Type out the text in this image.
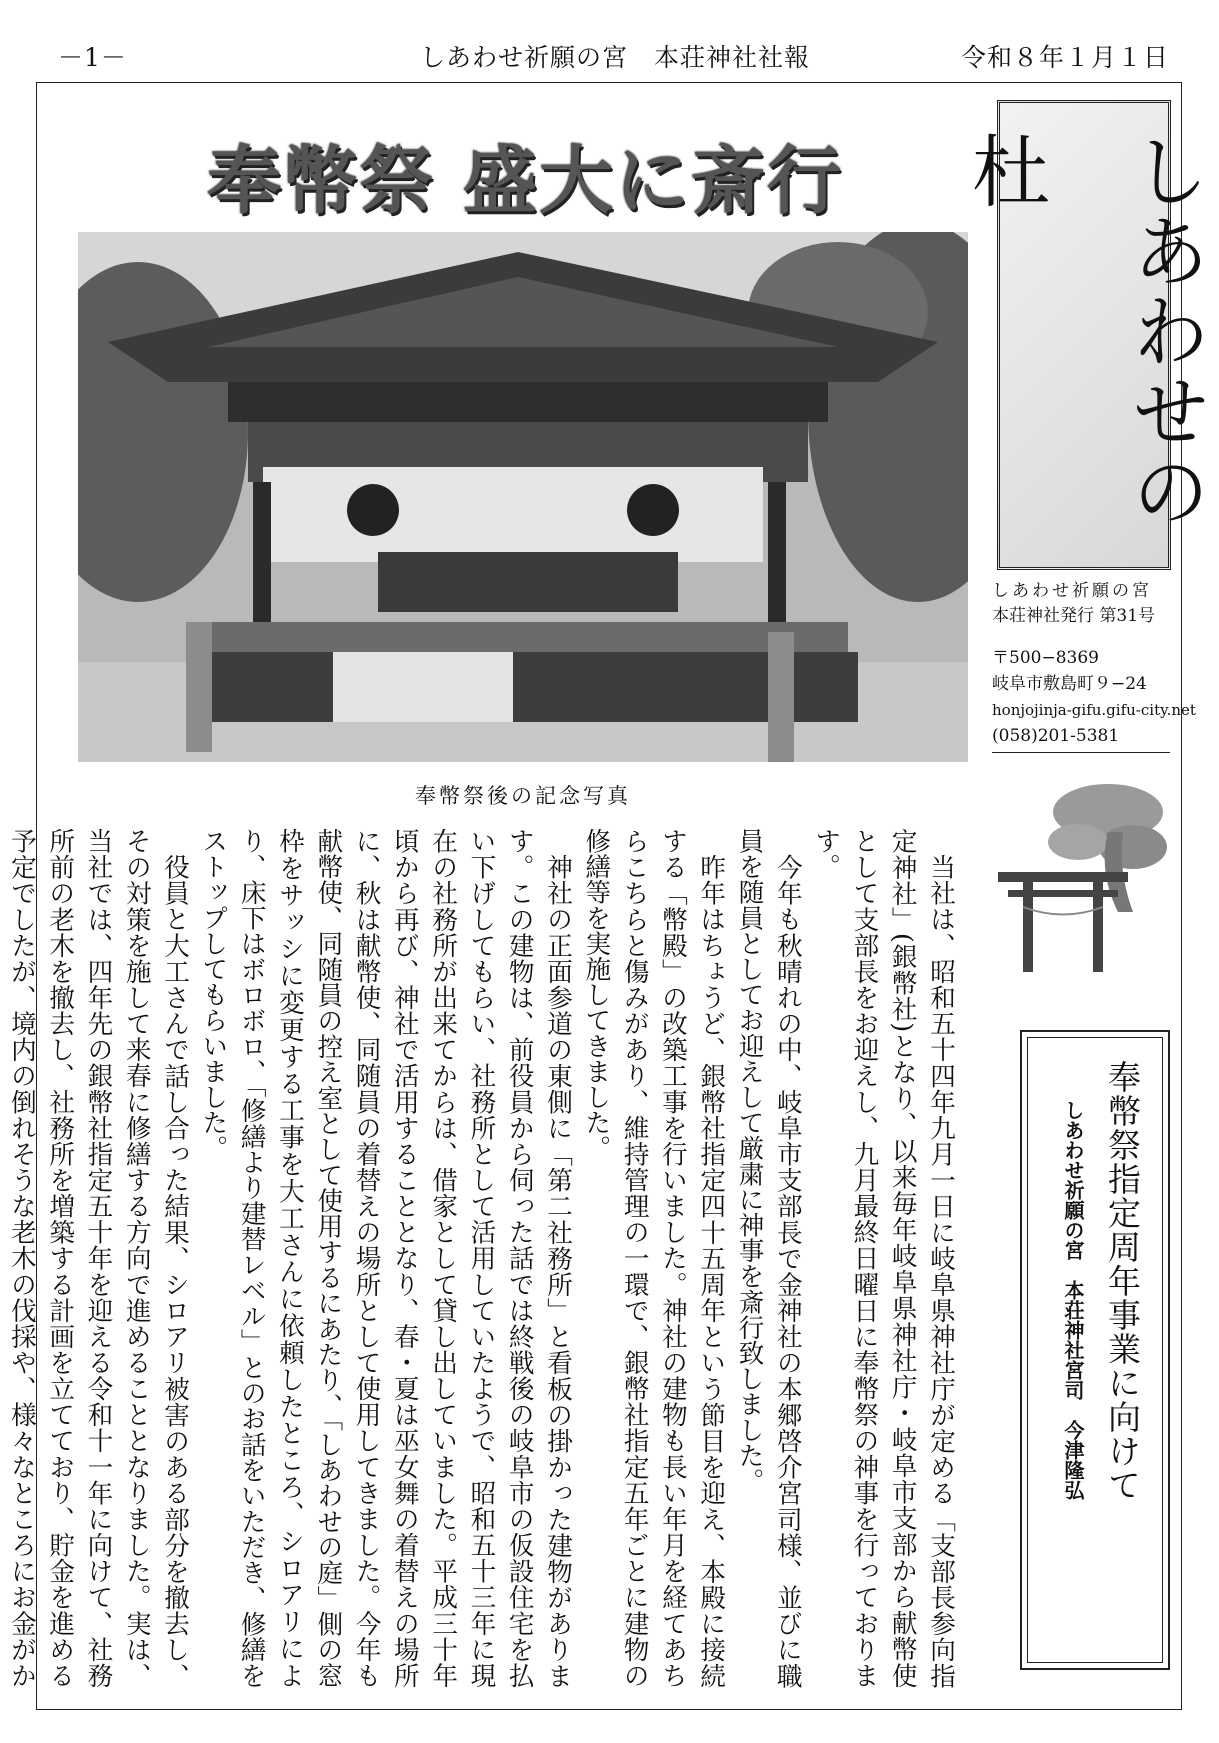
－1－	しあわせ祈願の宮　本荘神社社報	令和８年１月１日
奉幣祭 盛大に斎行
奉幣祭後の記念写真

当社は、昭和五十四年九月一日に岐阜県神社庁が定める「支部長参向指定神社」(銀幣社)となり、以来毎年岐阜県神社庁・岐阜市支部から献幣使として支部長をお迎えし、九月最終日曜日に奉幣祭の神事を行っております。

今年も秋晴れの中、岐阜市支部長で金神社の本郷啓介宮司様、並びに職員を随員としてお迎えして厳粛に神事を斎行致しました。

昨年はちょうど、銀幣社指定四十五周年という節目を迎え、本殿に接続する「幣殿」の改築工事を行いました。神社の建物も長い年月を経てあちらこちらと傷みがあり、維持管理の一環で、銀幣社指定五年ごとに建物の修繕等を実施してきました。

神社の正面参道の東側に「第二社務所」と看板の掛かった建物があります。この建物は、前役員から伺った話では終戦後の岐阜市の仮設住宅を払い下げしてもらい、社務所として活用していたようで、昭和五十三年に現在の社務所が出来てからは、借家として貸し出していました。平成三十年頃から再び、神社で活用することとなり、春・夏は巫女舞の着替えの場所に、秋は献幣使、同随員の着替えの場所として使用してきました。今年も献幣使、同随員の控え室として使用するにあたり、「しあわせの庭」側の窓枠をサッシに変更する工事を大工さんに依頼したところ、シロアリにより、床下はボロボロ、「修繕より建替レベル」とのお話をいただき、修繕をストップしてもらいました。

役員と大工さんで話し合った結果、シロアリ被害のある部分を撤去し、その対策を施して来春に修繕する方向で進めることとなりました。実は、当社では、四年先の銀幣社指定五十年を迎える令和十一年に向けて、社務所前の老木を撤去し、社務所を増築する計画を立てており、貯金を進める予定でしたが、境内の倒れそうな老木の伐採や、様々なところにお金がか

しあわせの杜
しあわせ祈願の宮
本荘神社発行 第31号
〒500−8369
岐阜市敷島町９−24
honjojinja-gifu.gifu-city.net
(058)201-5381
奉幣祭指定周年事業に向けて
しあわせ祈願の宮　本荘神社宮司　今津隆弘
